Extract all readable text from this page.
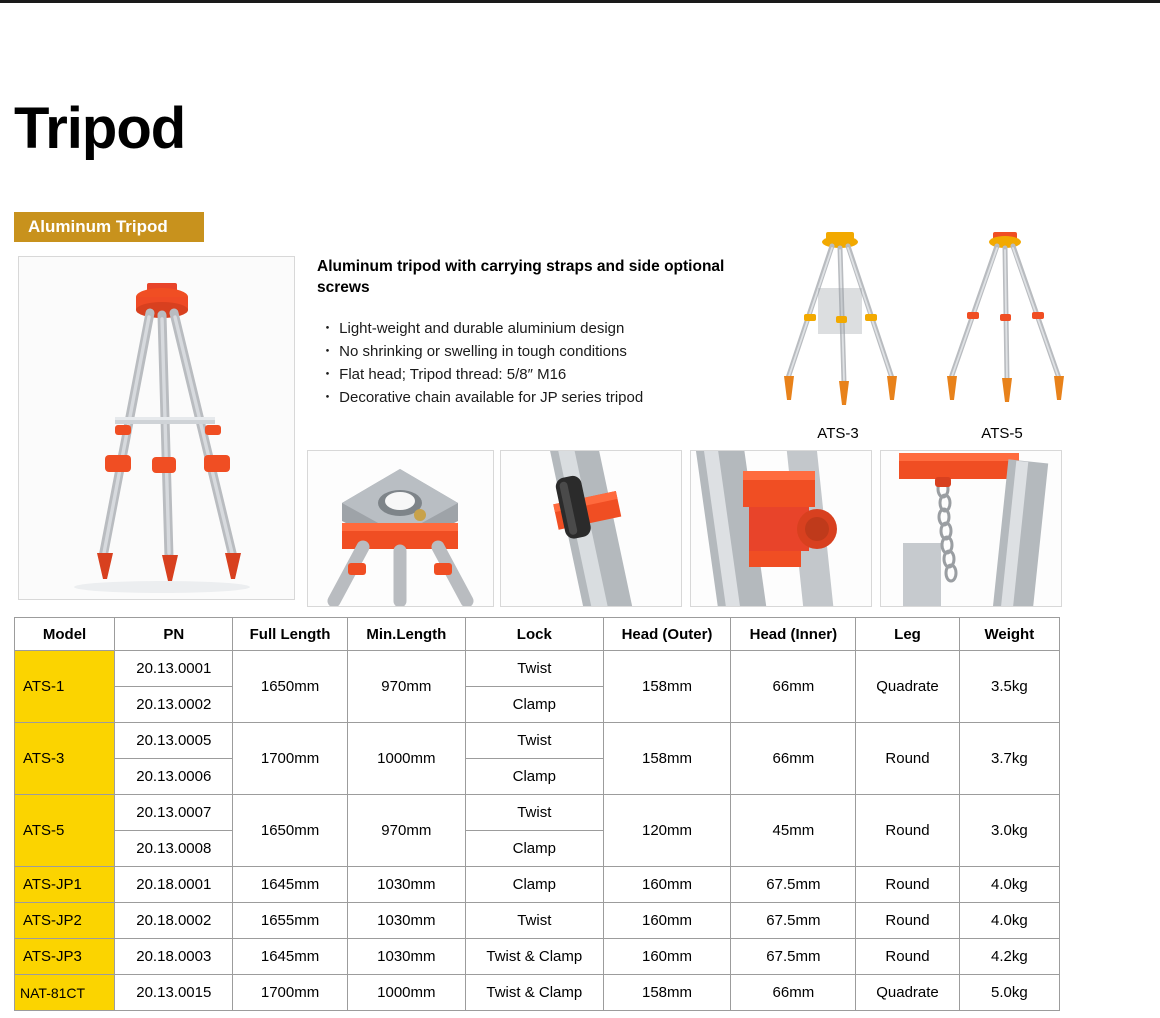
Tripod
Aluminum Tripod
Aluminum tripod with carrying straps and side optional screws
・ Light-weight and durable aluminium design
・ No shrinking or swelling in tough conditions
・ Flat head; Tripod thread: 5/8″ M16
・ Decorative chain available for JP series tripod
ATS-3	ATS-5
Model	PN	Full Length	Min.Length	Lock	Head (Outer)	Head (Inner)	Leg	Weight
ATS-1	20.13.0001	1650mm	970mm	Twist	158mm	66mm	Quadrate	3.5kg
	20.13.0002			Clamp				
ATS-3	20.13.0005	1700mm	1000mm	Twist	158mm	66mm	Round	3.7kg
	20.13.0006			Clamp				
ATS-5	20.13.0007	1650mm	970mm	Twist	120mm	45mm	Round	3.0kg
	20.13.0008			Clamp				
ATS-JP1	20.18.0001	1645mm	1030mm	Clamp	160mm	67.5mm	Round	4.0kg
ATS-JP2	20.18.0002	1655mm	1030mm	Twist	160mm	67.5mm	Round	4.0kg
ATS-JP3	20.18.0003	1645mm	1030mm	Twist & Clamp	160mm	67.5mm	Round	4.2kg
NAT-81CT	20.13.0015	1700mm	1000mm	Twist & Clamp	158mm	66mm	Quadrate	5.0kg
